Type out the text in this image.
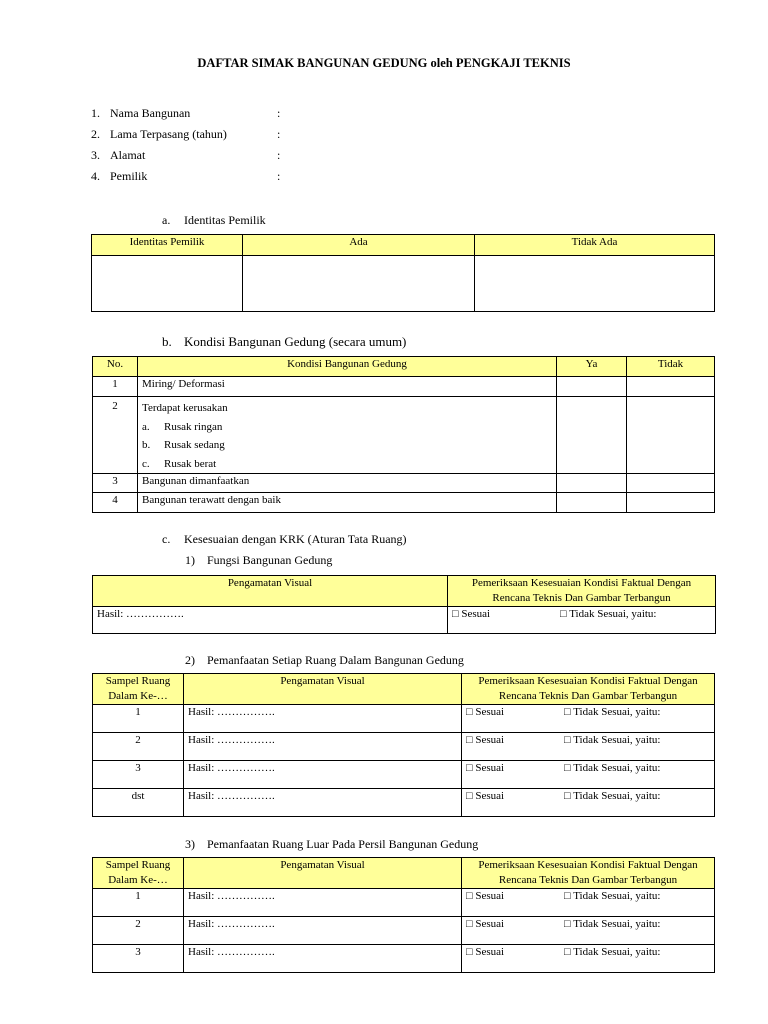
DAFTAR SIMAK BANGUNAN GEDUNG oleh PENGKAJI TEKNIS
1. Nama Bangunan	:
2. Lama Terpasang (tahun)	:
3. Alamat	:
4. Pemilik	:
a. Identitas Pemilik
Identitas Pemilik	Ada	Tidak Ada

b. Kondisi Bangunan Gedung (secara umum)
No.	Kondisi Bangunan Gedung	Ya	Tidak
1	Miring/ Deformasi		
2	Terdapat kerusakan
a. Rusak ringan
b. Rusak sedang
c. Rusak berat		

3	Bangunan dimanfaatkan		
4	Bangunan terawatt dengan baik		
c. Kesesuaian dengan KRK (Aturan Tata Ruang)
1) Fungsi Bangunan Gedung
Pengamatan Visual	Pemeriksaan Kesesuaian Kondisi Faktual Dengan Rencana Teknis Dan Gambar Terbangun
Hasil: …………….	□ Sesuai □ Tidak Sesuai, yaitu:
2) Pemanfaatan Setiap Ruang Dalam Bangunan Gedung
Sampel Ruang Dalam Ke-…	Pengamatan Visual	Pemeriksaan Kesesuaian Kondisi Faktual Dengan Rencana Teknis Dan Gambar Terbangun
1	Hasil: …………….	□ Sesuai □ Tidak Sesuai, yaitu:
2	Hasil: …………….	□ Sesuai □ Tidak Sesuai, yaitu:
3	Hasil: …………….	□ Sesuai □ Tidak Sesuai, yaitu:
dst	Hasil: …………….	□ Sesuai □ Tidak Sesuai, yaitu:
3) Pemanfaatan Ruang Luar Pada Persil Bangunan Gedung
Sampel Ruang Dalam Ke-…	Pengamatan Visual	Pemeriksaan Kesesuaian Kondisi Faktual Dengan Rencana Teknis Dan Gambar Terbangun
1	Hasil: …………….	□ Sesuai □ Tidak Sesuai, yaitu:
2	Hasil: …………….	□ Sesuai □ Tidak Sesuai, yaitu:
3	Hasil: …………….	□ Sesuai □ Tidak Sesuai, yaitu:
